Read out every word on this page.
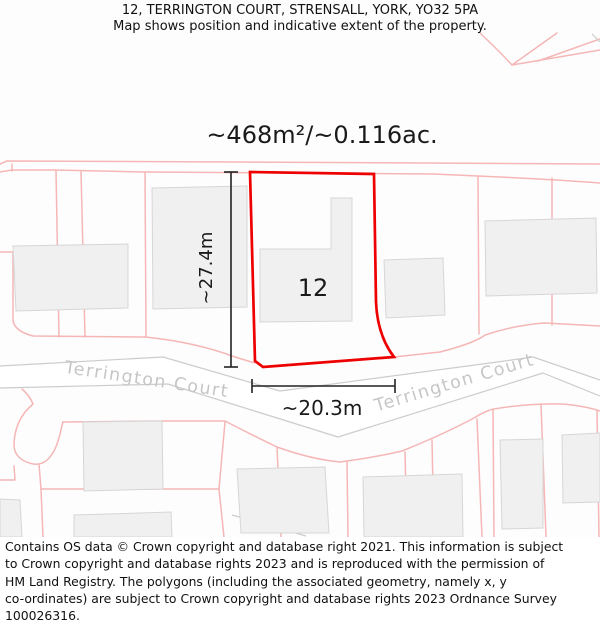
~468m²/~0.116ac.
12
~27.4m
~20.3m
Terrington Court	Terrington Court
12, TERRINGTON COURT, STRENSALL, YORK, YO32 5PA
Map shows position and indicative extent of the property.
Contains OS data © Crown copyright and database right 2021. This information is subject
to Crown copyright and database rights 2023 and is reproduced with the permission of
HM Land Registry. The polygons (including the associated geometry, namely x, y
co-ordinates) are subject to Crown copyright and database rights 2023 Ordnance Survey
100026316.
